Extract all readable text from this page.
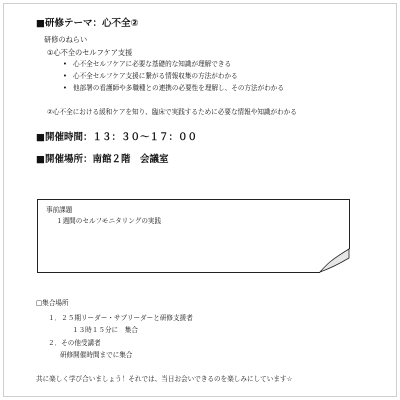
■研修テーマ：心不全②
研修のねらい
①心不全のセルフケア支援
• 心不全セルフケアに必要な基礎的な知識が理解できる
• 心不全セルフケア支援に繋がる情報収集の方法がわかる
• 他部署の看護師や多職種との連携の必要性を理解し、その方法がわかる
②心不全における緩和ケアを知り、臨床で実践するために必要な情報や知識がわかる
■開催時間：１３：３０～１７：００
■開催場所：南館２階　会議室
事前課題
１週間のセルフモニタリングの実践
□集合場所
１．２５期リーダー・サブリーダーと研修支援者
１３時１５分に　集合
２．その他受講者
研修開催時間までに集合
共に楽しく学び合いましょう！それでは、当日お会いできるのを楽しみにしています☆
